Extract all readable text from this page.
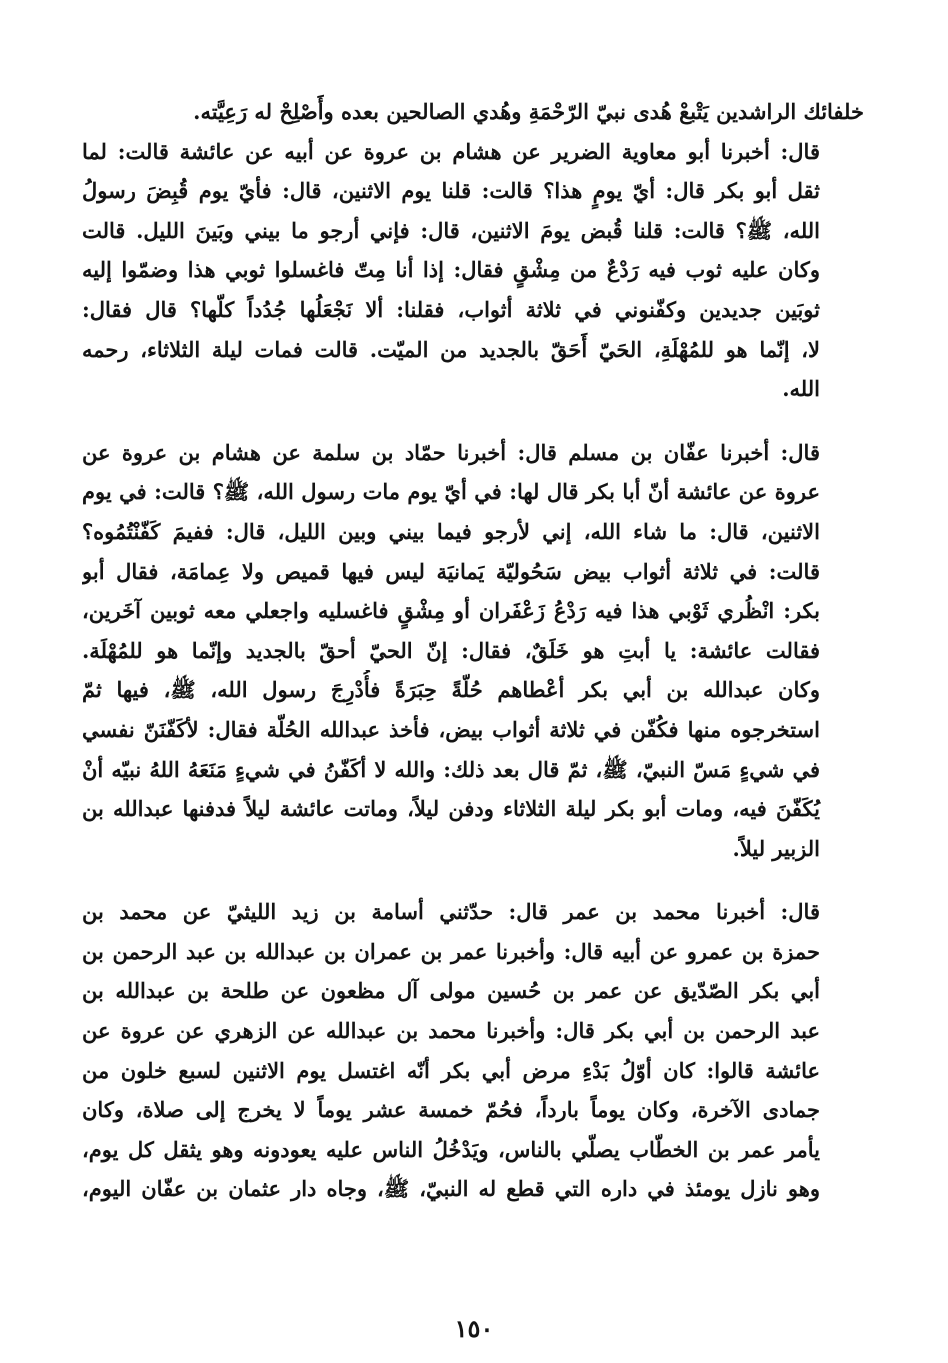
خلفائك الراشدين يَتْبعْ هُدى نبيّ الرّحْمَةِ وهُدي الصالحين بعده وأَصْلِحْ له رَعِيَّته.

قال: أخبرنا أبو معاوية الضرير عن هشام بن عروة عن أبيه عن عائشة قالت: لما
ثقل أبو بكر قال: أيّ يومٍ هذا؟ قالت: قلنا يوم الاثنين، قال: فأيّ يوم قُبِضَ رسولُ
الله، ﷺ؟ قالت: قلنا قُبض يومَ الاثنين، قال: فإني أرجو ما بيني وبَينَ الليل. قالت
وكان عليه ثوب فيه رَدْعٌ من مِشْقٍ فقال: إذا أنا مِتّ فاغسلوا ثوبي هذا وضمّوا إليه
ثوبَين جديدين وكفّنوني في ثلاثة أثواب، فقلنا: ألا نَجْعَلُها جُدُداً كلّها؟ قال فقال:
لا، إنّما هو للمُهْلَةِ، الحَيّ أَحَقّ بالجديد من الميّت. قالت فمات ليلة الثلاثاء، رحمه
الله.

قال: أخبرنا عفّان بن مسلم قال: أخبرنا حمّاد بن سلمة عن هشام بن عروة عن
عروة عن عائشة أنّ أبا بكر قال لها: في أيّ يوم مات رسول الله، ﷺ؟ قالت: في يوم
الاثنين، قال: ما شاء الله، إني لأرجو فيما بيني وبين الليل، قال: ففيمَ كَفّنْتُمُوه؟
قالت: في ثلاثة أثواب بيض سَحُوليّة يَمانيَة ليس فيها قميص ولا عِمامَة، فقال أبو
بكر: انْظُري ثَوْبي هذا فيه رَدْعُ زَعْفَران أو مِشْقٍ فاغسليه واجعلي معه ثوبين آخَرين،
فقالت عائشة: يا أبتِ هو خَلَقٌ، فقال: إنّ الحيّ أحقّ بالجديد وإنّما هو للمُهْلَة.
وكان عبدالله بن أبي بكر أعْطاهم حُلّةً حِبَرَةً فأُدْرِجَ رسول الله، ﷺ، فيها ثمّ
استخرجوه منها فكُفّن في ثلاثة أثواب بيض، فأخذ عبدالله الحُلّة فقال: لأكَفّنَنّ نفسي
في شيءٍ مَسّ النبيّ، ﷺ، ثمّ قال بعد ذلك: والله لا أكَفّنُ في شيءٍ مَنَعَهُ اللهُ نبيّه أنْ
يُكَفّنَ فيه، ومات أبو بكر ليلة الثلاثاء ودفن ليلاً، وماتت عائشة ليلاً فدفنها عبدالله بن
الزبير ليلاً.

قال: أخبرنا محمد بن عمر قال: حدّثني أسامة بن زيد الليثيّ عن محمد بن
حمزة بن عمرو عن أبيه قال: وأخبرنا عمر بن عمران بن عبدالله بن عبد الرحمن بن
أبي بكر الصّدّيق عن عمر بن حُسين مولى آل مظعون عن طلحة بن عبدالله بن
عبد الرحمن بن أبي بكر قال: وأخبرنا محمد بن عبدالله عن الزهري عن عروة عن
عائشة قالوا: كان أوّلُ بَدْءِ مرض أبي بكر أنّه اغتسل يوم الاثنين لسبع خلون من
جمادى الآخرة، وكان يوماً بارداً، فحُمّ خمسة عشر يوماً لا يخرج إلى صلاة، وكان
يأمر عمر بن الخطّاب يصلّي بالناس، ويَدْخُلُ الناس عليه يعودونه وهو يثقل كل يوم،
وهو نازل يومئذ في داره التي قطع له النبيّ، ﷺ، وجاه دار عثمان بن عفّان اليوم،

١٥٠
